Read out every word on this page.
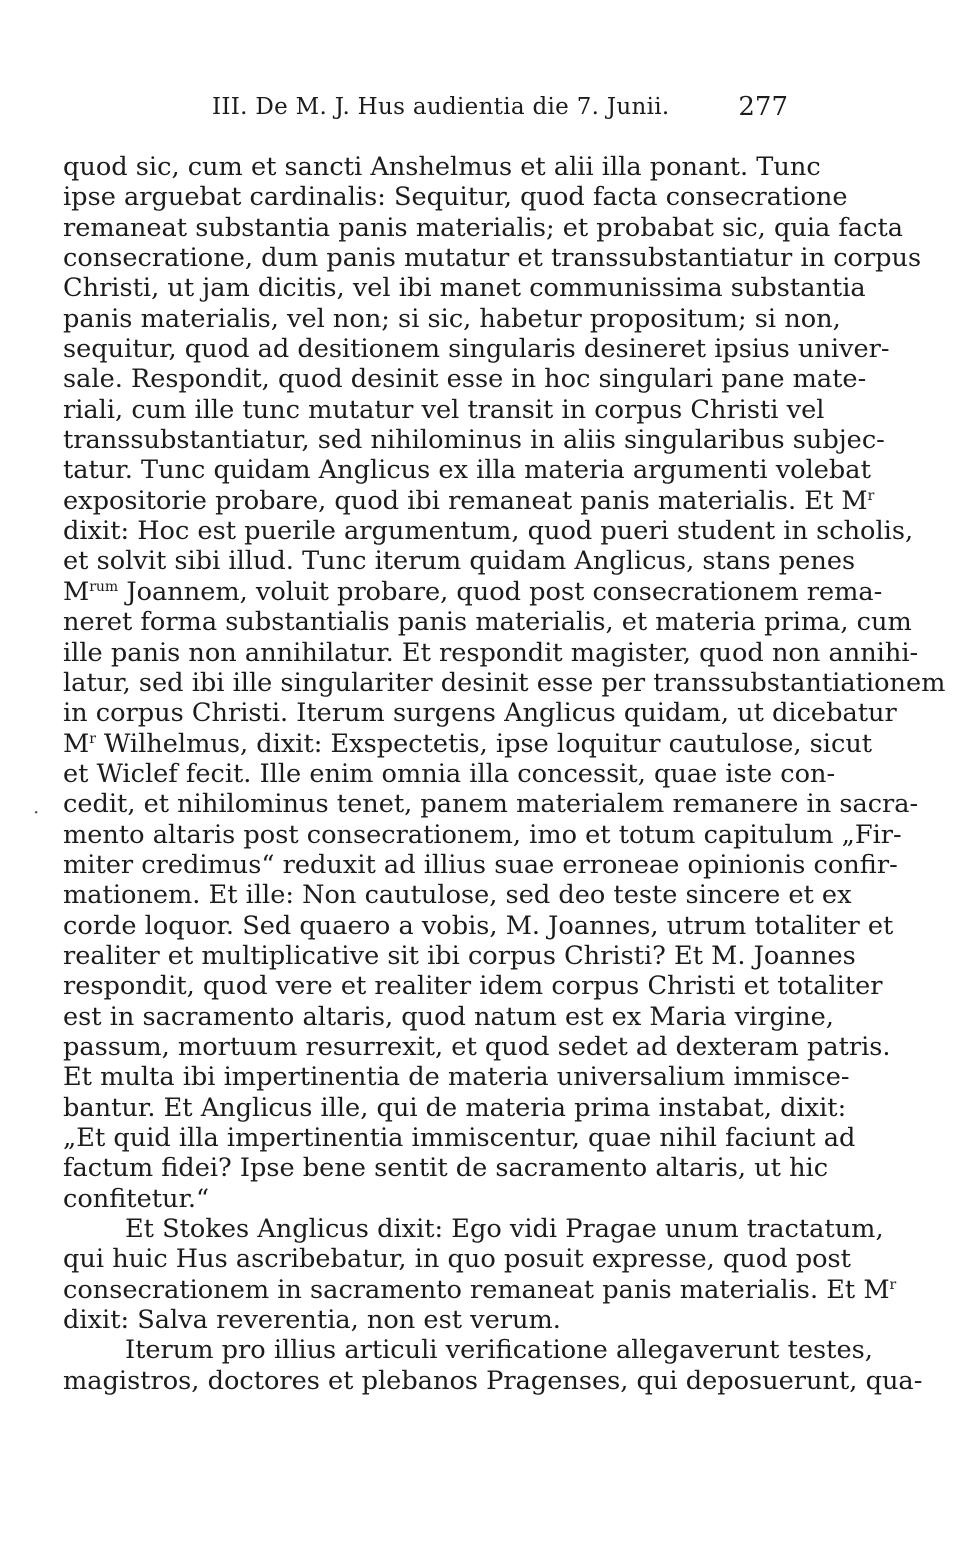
III. De M. J. Hus audientia die 7. Junii.	277
·
quod sic, cum et sancti Anshelmus et alii illa ponant. Tunc
ipse arguebat cardinalis: Sequitur, quod facta consecratione
remaneat substantia panis materialis; et probabat sic, quia facta
consecratione, dum panis mutatur et transsubstantiatur in corpus
Christi, ut jam dicitis, vel ibi manet communissima substantia
panis materialis, vel non; si sic, habetur propositum; si non,
sequitur, quod ad desitionem singularis desineret ipsius univer-
sale. Respondit, quod desinit esse in hoc singulari pane mate-
riali, cum ille tunc mutatur vel transit in corpus Christi vel
transsubstantiatur, sed nihilominus in aliis singularibus subjec-
tatur. Tunc quidam Anglicus ex illa materia argumenti volebat
expositorie probare, quod ibi remaneat panis materialis. Et $M^r$
dixit: Hoc est puerile argumentum, quod pueri student in scholis,
et solvit sibi illud. Tunc iterum quidam Anglicus, stans penes
$M^{rum}$ Joannem, voluit probare, quod post consecrationem rema-
neret forma substantialis panis materialis, et materia prima, cum
ille panis non annihilatur. Et respondit magister, quod non annihi-
latur, sed ibi ille singulariter desinit esse per transsubstantiationem
in corpus Christi. Iterum surgens Anglicus quidam, ut dicebatur
$M^r$ Wilhelmus, dixit: Exspectetis, ipse loquitur cautulose, sicut
et Wiclef fecit. Ille enim omnia illa concessit, quae iste con-
cedit, et nihilominus tenet, panem materialem remanere in sacra-
mento altaris post consecrationem, imo et totum capitulum „Fir-
miter credimus“ reduxit ad illius suae erroneae opinionis confir-
mationem. Et ille: Non cautulose, sed deo teste sincere et ex
corde loquor. Sed quaero a vobis, M. Joannes, utrum totaliter et
realiter et multiplicative sit ibi corpus Christi? Et M. Joannes
respondit, quod vere et realiter idem corpus Christi et totaliter
est in sacramento altaris, quod natum est ex Maria virgine,
passum, mortuum resurrexit, et quod sedet ad dexteram patris.
Et multa ibi impertinentia de materia universalium immisce-
bantur. Et Anglicus ille, qui de materia prima instabat, dixit:
„Et quid illa impertinentia immiscentur, quae nihil faciunt ad
factum fidei? Ipse bene sentit de sacramento altaris, ut hic
confitetur.“
Et Stokes Anglicus dixit: Ego vidi Pragae unum tractatum,
qui huic Hus ascribebatur, in quo posuit expresse, quod post
consecrationem in sacramento remaneat panis materialis. Et $M^r$
dixit: Salva reverentia, non est verum.
Iterum pro illius articuli verificatione allegaverunt testes,
magistros, doctores et plebanos Pragenses, qui deposuerunt, qua-
